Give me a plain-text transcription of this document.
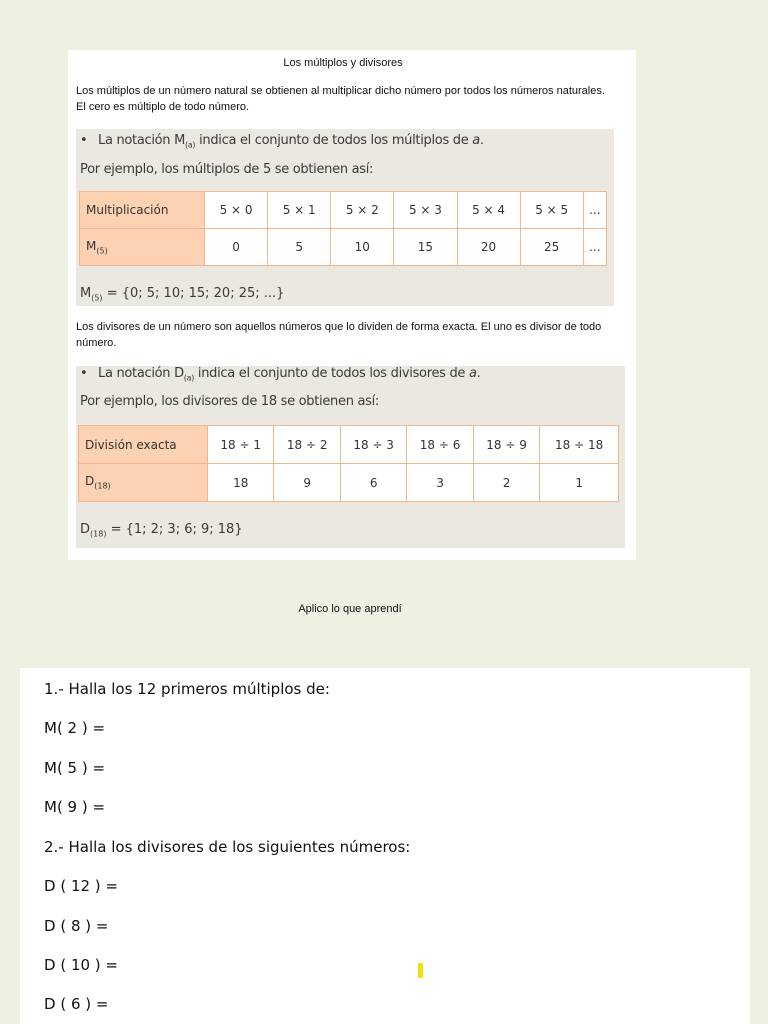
Los múltiplos y divisores
Los múltiplos de un número natural se obtienen al multiplicar dicho número por todos los números naturales. El cero es múltiplo de todo número.
• La notación $M_{(a)}$ indica el conjunto de todos los múltiplos de a.
Por ejemplo, los múltiplos de 5 se obtienen así:
Multiplicación	5 × 0	5 × 1	5 × 2	5 × 3	5 × 4	5 × 5	...
$M_{(5)}$	0	5	10	15	20	25	...
$M_{(5)} = \{0$; 5; 10; 15; 20; 25; ...}
Los divisores de un número son aquellos números que lo dividen de forma exacta. El uno es divisor de todo número.
• La notación $D_{(a)}$ indica el conjunto de todos los divisores de a.
Por ejemplo, los divisores de 18 se obtienen así:
División exacta	18 ÷ 1	18 ÷ 2	18 ÷ 3	18 ÷ 6	18 ÷ 9	18 ÷ 18
$D_{(18)}$	18	9	6	3	2	1
$D_{(18)} = \{1$; 2; 3; 6; 9; 18}
Aplico lo que aprendí
1.- Halla los 12 primeros múltiplos de:
M( 2 ) =
M( 5 ) =
M( 9 ) =
2.- Halla los divisores de los siguientes números:
D ( 12 ) =
D ( 8 ) =
D ( 10 ) =
D ( 6 ) =
